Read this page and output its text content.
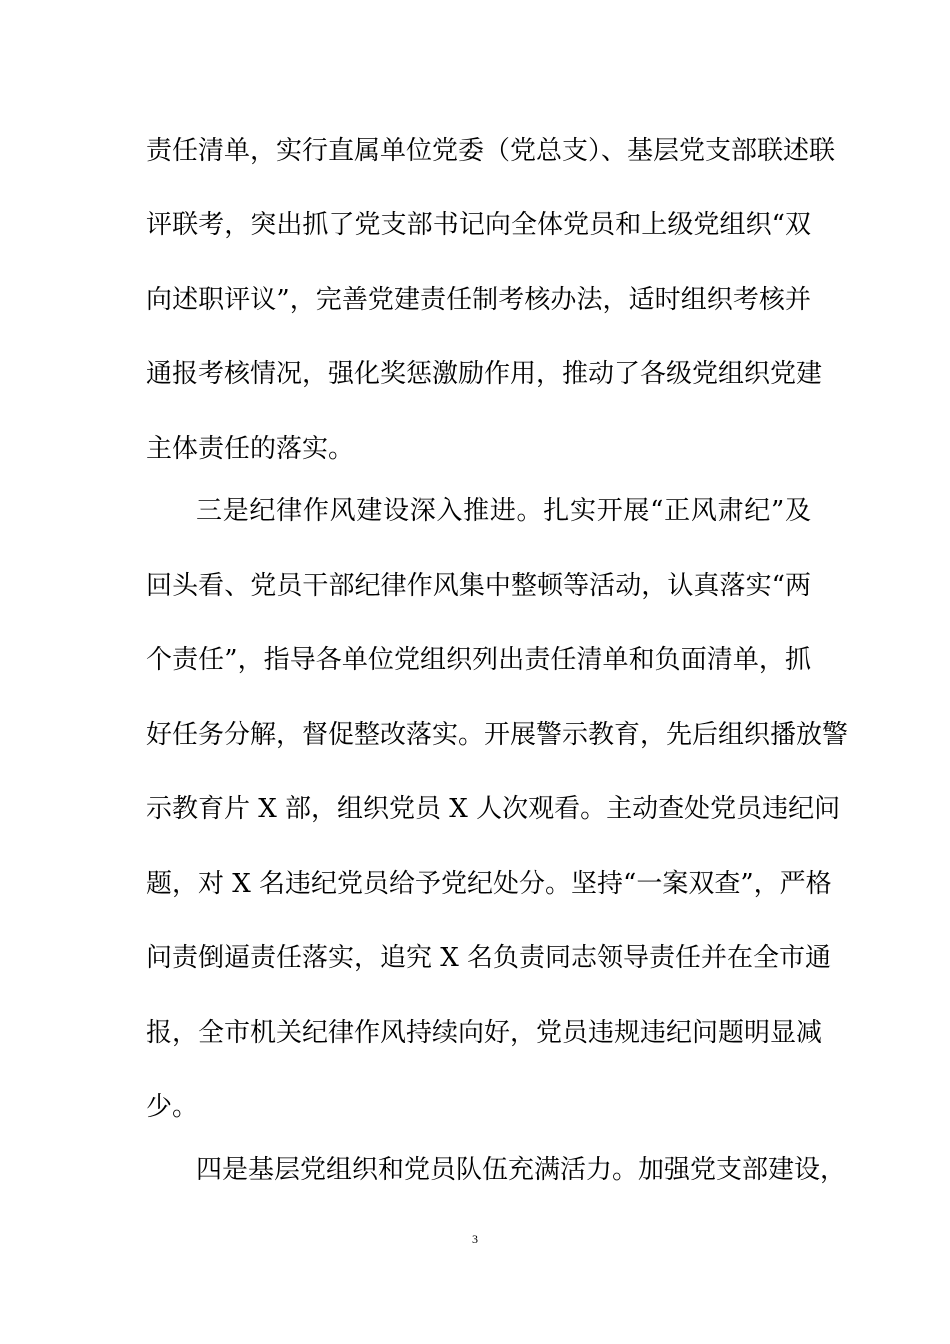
责任清单，实行直属单位党委（党总支）、基层党支部联述联
评联考，突出抓了党支部书记向全体党员和上级党组织“双
向述职评议”，完善党建责任制考核办法，适时组织考核并
通报考核情况，强化奖惩激励作用，推动了各级党组织党建
主体责任的落实。
三是纪律作风建设深入推进。扎实开展“正风肃纪”及
回头看、党员干部纪律作风集中整顿等活动，认真落实“两
个责任”，指导各单位党组织列出责任清单和负面清单，抓
好任务分解，督促整改落实。开展警示教育，先后组织播放警
示教育片 X 部，组织党员 X 人次观看。主动查处党员违纪问
题，对 X 名违纪党员给予党纪处分。坚持“一案双查”，严格
问责倒逼责任落实，追究 X 名负责同志领导责任并在全市通
报，全市机关纪律作风持续向好，党员违规违纪问题明显减
少。
四是基层党组织和党员队伍充满活力。加强党支部建设，
3
